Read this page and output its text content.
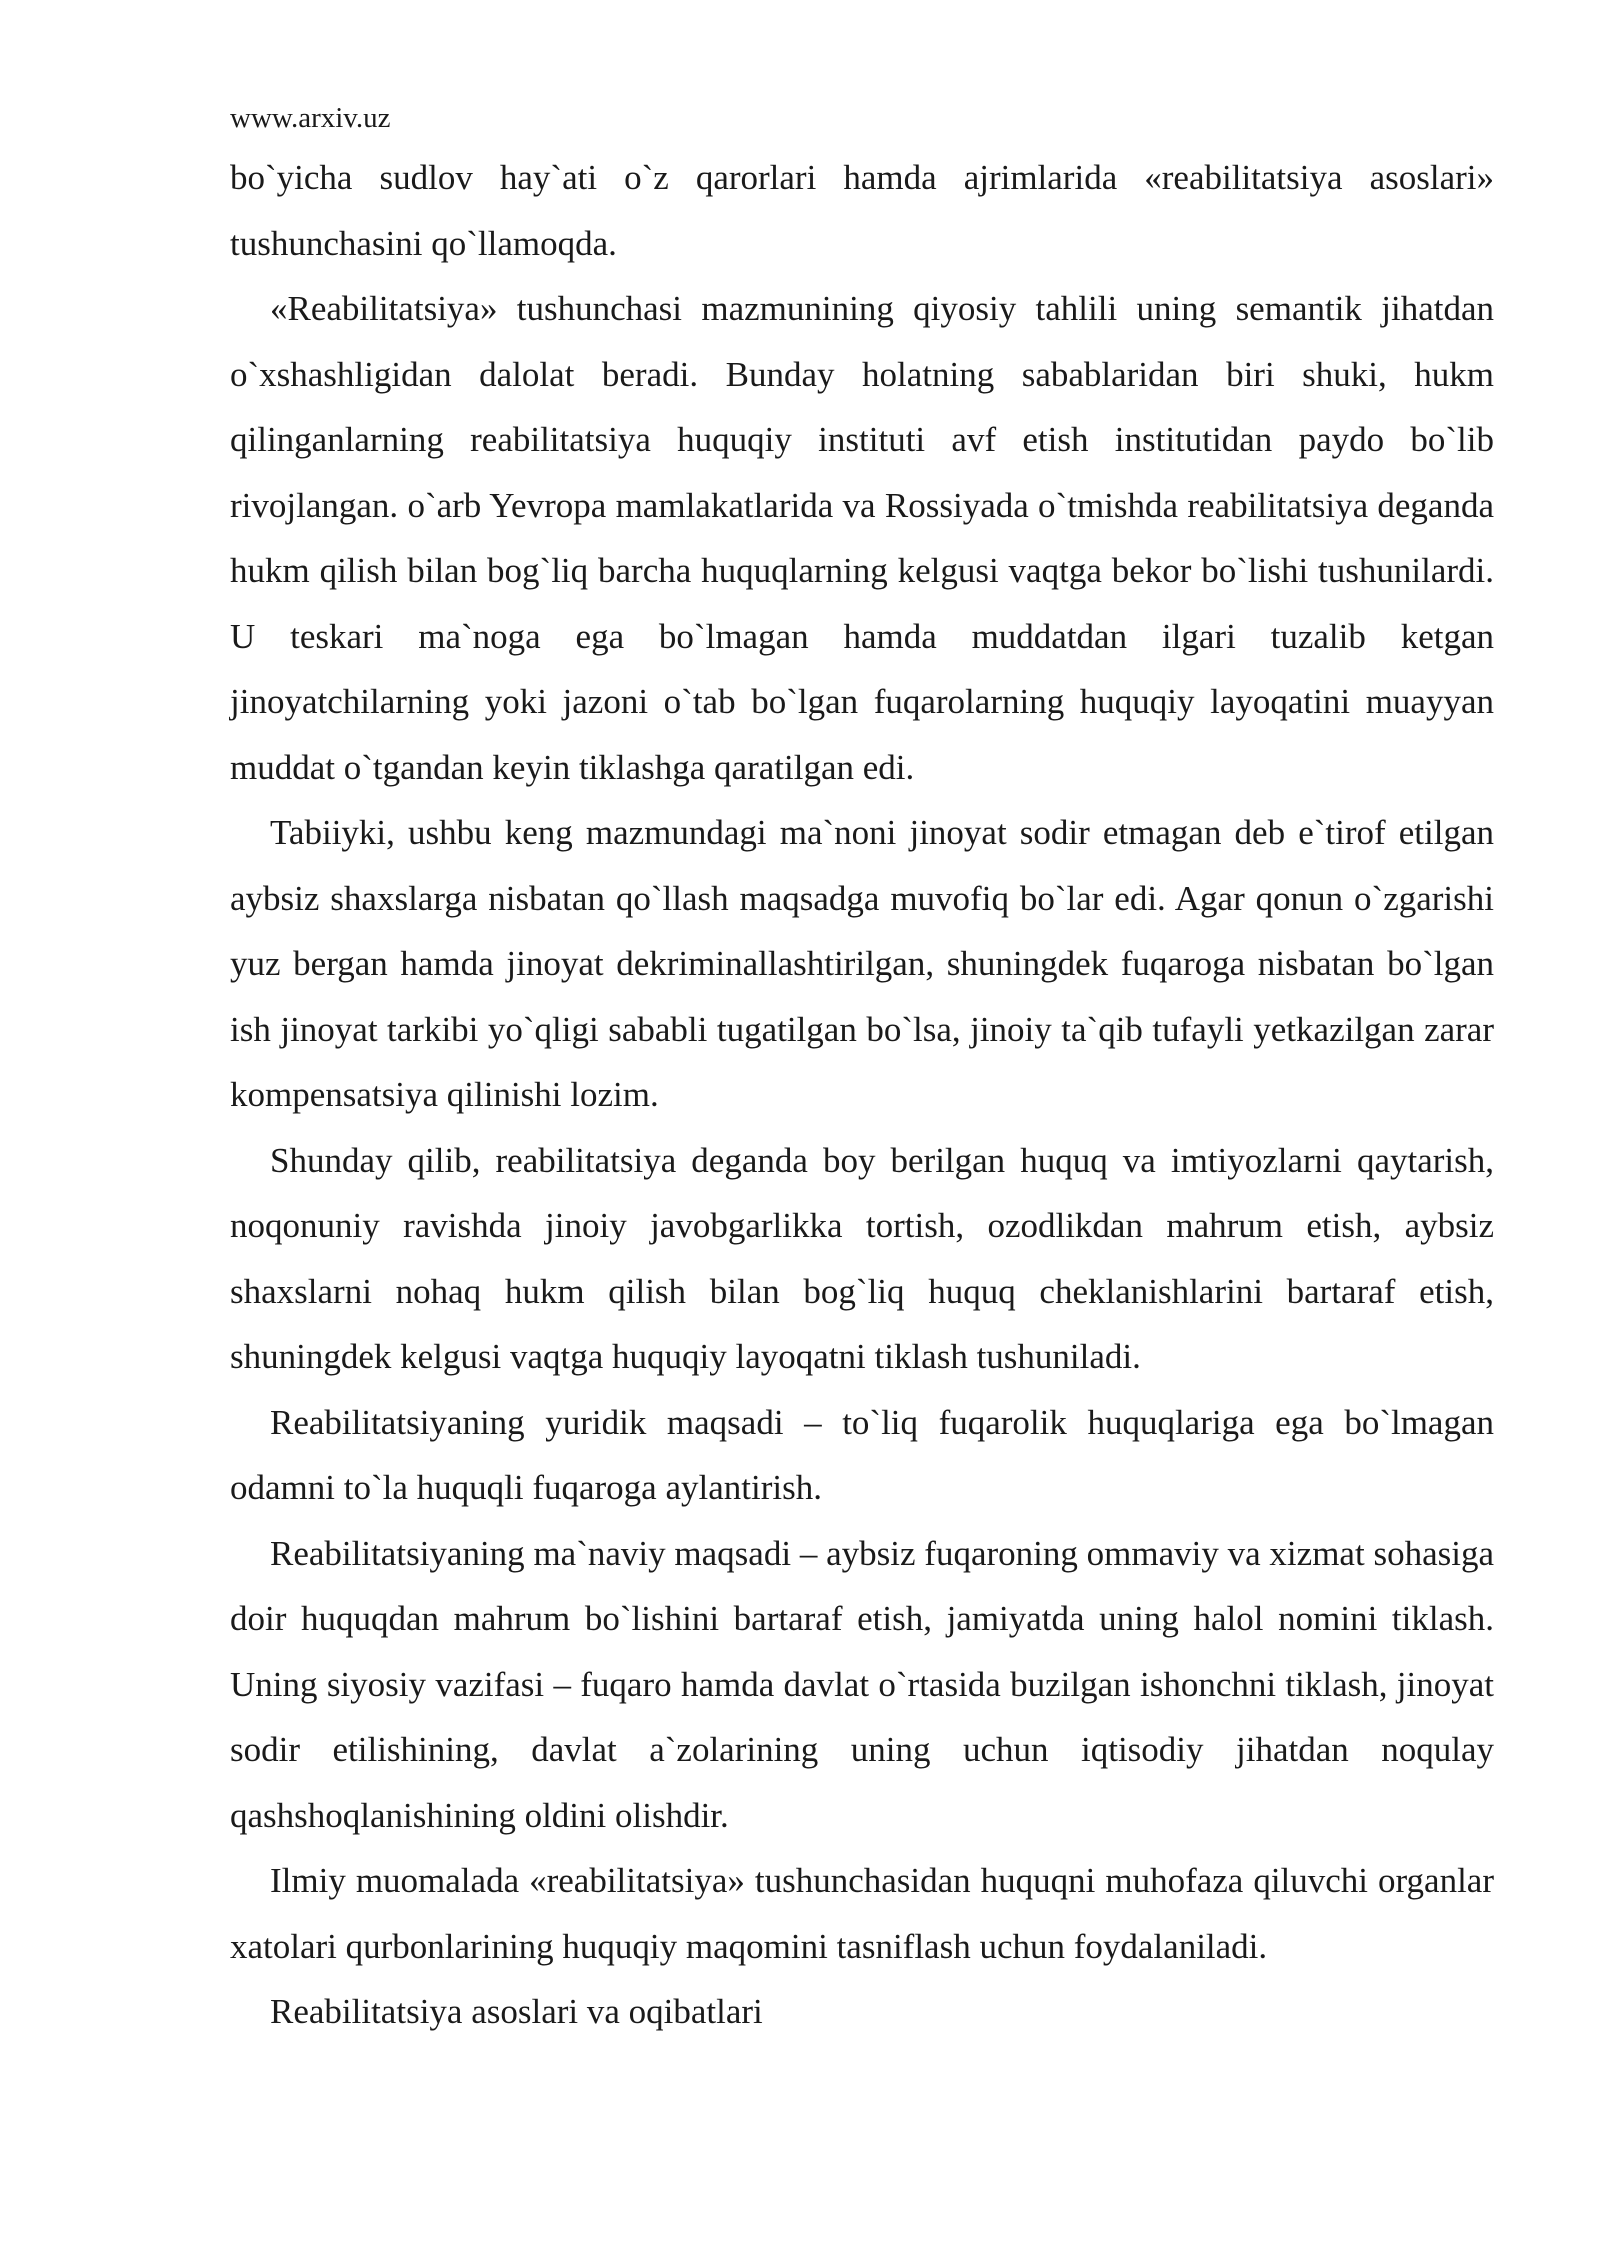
www.arxiv.uz

bo`yicha sudlov hay`ati o`z qarorlari hamda ajrimlarida «reabilitatsiya asoslari» tushunchasini qo`llamoqda.

«Reabilitatsiya» tushunchasi mazmunining qiyosiy tahlili uning semantik jihatdan o`xshashligidan dalolat beradi. Bunday holatning sabablaridan biri shuki, hukm qilinganlarning reabilitatsiya huquqiy instituti avf etish institutidan paydo bo`lib rivojlangan. o`arb Yevropa mamlakatlarida va Rossiyada o`tmishda reabilitatsiya deganda hukm qilish bilan bog`liq barcha huquqlarning kelgusi vaqtga bekor bo`lishi tushunilardi. U teskari ma`noga ega bo`lmagan hamda muddatdan ilgari tuzalib ketgan jinoyatchilarning yoki jazoni o`tab bo`lgan fuqarolarning huquqiy layoqatini muayyan muddat o`tgandan keyin tiklashga qaratilgan edi.

Tabiiyki, ushbu keng mazmundagi ma`noni jinoyat sodir etmagan deb e`tirof etilgan aybsiz shaxslarga nisbatan qo`llash maqsadga muvofiq bo`lar edi. Agar qonun o`zgarishi yuz bergan hamda jinoyat dekriminallashtirilgan, shuningdek fuqaroga nisbatan bo`lgan ish jinoyat tarkibi yo`qligi sababli tugatilgan bo`lsa, jinoiy ta`qib tufayli yetkazilgan zarar kompensatsiya qilinishi lozim.

Shunday qilib, reabilitatsiya deganda boy berilgan huquq va imtiyozlarni qaytarish, noqonuniy ravishda jinoiy javobgarlikka tortish, ozodlikdan mahrum etish, aybsiz shaxslarni nohaq hukm qilish bilan bog`liq huquq cheklanishlarini bartaraf etish, shuningdek kelgusi vaqtga huquqiy layoqatni tiklash tushuniladi.

Reabilitatsiyaning yuridik maqsadi – to`liq fuqarolik huquqlariga ega bo`lmagan odamni to`la huquqli fuqaroga aylantirish.

Reabilitatsiyaning ma`naviy maqsadi – aybsiz fuqaroning ommaviy va xizmat sohasiga doir huquqdan mahrum bo`lishini bartaraf etish, jamiyatda uning halol nomini tiklash. Uning siyosiy vazifasi – fuqaro hamda davlat o`rtasida buzilgan ishonchni tiklash, jinoyat sodir etilishining, davlat a`zolarining uning uchun iqtisodiy jihatdan noqulay qashshoqlanishining oldini olishdir.

Ilmiy muomalada «reabilitatsiya» tushunchasidan huquqni muhofaza qiluvchi organlar xatolari qurbonlarining huquqiy maqomini tasniflash uchun foydalaniladi.

Reabilitatsiya asoslari va oqibatlari
